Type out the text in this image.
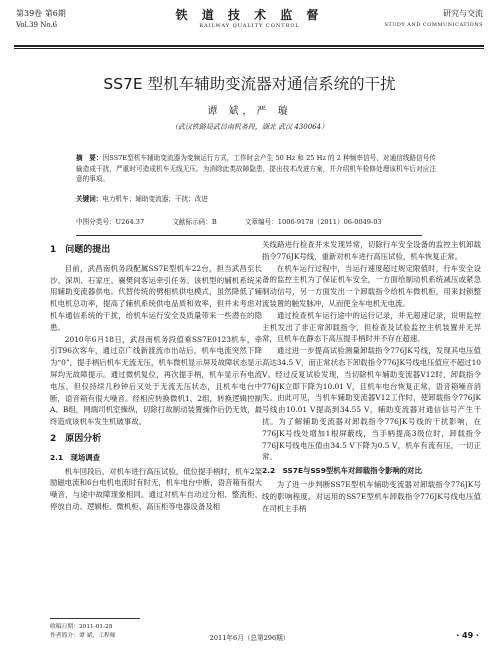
第39卷 第6期
Vol.39 No.6
铁 道 技 术 监 督
RAILWAY QUALITY CONTROL
研究与交流
STUDY AND COMMUNICATIONS
SS7E 型机车辅助变流器对通信系统的干扰
谭 斌，严 璇
（武汉铁路局武昌南机务段，湖北 武汉 430064）
摘　要：因SS7E型机车辅助变流器为变频运行方式，工作时会产生 50 Hz 和 25 Hz 的 2 种频率信号，对通信线路信号传输造成干扰，严重时可造成机车无线无压。为消除此类故障隐患，提出技术改进方案，并介绍机车检修处理该机车后对应注意的事项。
关键词：电力机车；辅助变流器；干扰；改进
中图分类号：U264.37	文献标示码：B	文章编号：1006-9178（2011）06-0049-03
1　问题的提出

目前，武昌南机务段配属SS7E型机车22台，担当武昌至长沙、深圳、石家庄、襄樊间客运牵引任务。该机型的辅机系统采用辅助变流器供电。代替传统的劈相机供电模式，虽然降低了辅机电机总功率，提高了辅机系统供电品质和效率，但并未考虑对机车通信系统的干扰，给机车运行安全及质量带来一些潜在的隐患。

2010年6月18日，武昌南机务段值乘SS7E0123机车，牵引T96次客车，通过京广线新渡流市出站后，机车电流突然下降为“0”，提手柄后机车无流无压，机车微机显示屏及故障状态显示屏均无故障提示。通过微机复位，再次提手柄，机车显示有电流电压，但仅持续几秒钟后又处于无流无压状态，且机车电台中断，语音箱有很大噪音。经相应转换微机1、2组，转换逻辑控制A、B组，网端司机室操纵，切除打故制动装置操作后仍无效，最终造成该机车发生机破事故。

2　原因分析
2.1　现场调查

机车回段后，对机车进行高压试验，低位提手柄时，机车2架励磁电流和6台电机电流时有时无，机车电台中断，语音箱有很大噪音，与途中故障现象相同。通过对机车自动过分相、整流柜、停放自动、逻辑柜、微机柜、高压柜等电器设备及相

关线路进行检查并未发现异常，切除行车安全设备的监控主机卸载指令776JK号线，重新对机车进行高压试验，机车恢复正常。

在机车运行过程中，当运行速度超过规定限值时，行车安全设备的监控主机为了保证机车安全，一方面给制动机系统减压或紧急制动信号，另一方面发出一个卸载指令给机车微机柜，用来封锁整流装置的触发脉冲，从而使全车电机无电流。

通过检查机车运行途中的运行记录，并无超速记录，说明监控主机发出了非正常卸载指令，但检查及试验监控主机装置并无异常，且机车在静态下高压提手柄时并不存在超速。

通过进一步提高试验测量卸载指令776JK号线，发现其电压值高达34.5 V，而正常状态下卸载指令776JK号线电压值应不超过10 V。经过反复试验发现，当切除机车辅助变流器V12时，卸载指令776JK立即下降为10.01 V，且机车电台恢复正常，语音箱噪音消失。由此可见，当机车辅助变流器V12工作时，使卸载指令776JK号线由10.01 V提高到34.55 V，辅助变流器对通信信号产生干扰。为了解辅助变流器对卸载指令776JK号线的干扰影响，在776JK号线处增加1根屏蔽线，当手柄提高3级位时，卸载指令776JK号线电压值由34.5 V下降为0.5 V，机车有流有压，一切正常。

2.2　SS7E与SS9型机车对卸载指令影响的对比

为了进一步判断SS7E型机车辅助变流器对卸载指令776JK号线的影响程度，对运用的SS7E型机车卸载指令776JK号线电压值在司机主手柄

收稿日期：2011-01-28
作者简介：谭 斌，工程师	2011年6月（总第296期）	· 49 ·
